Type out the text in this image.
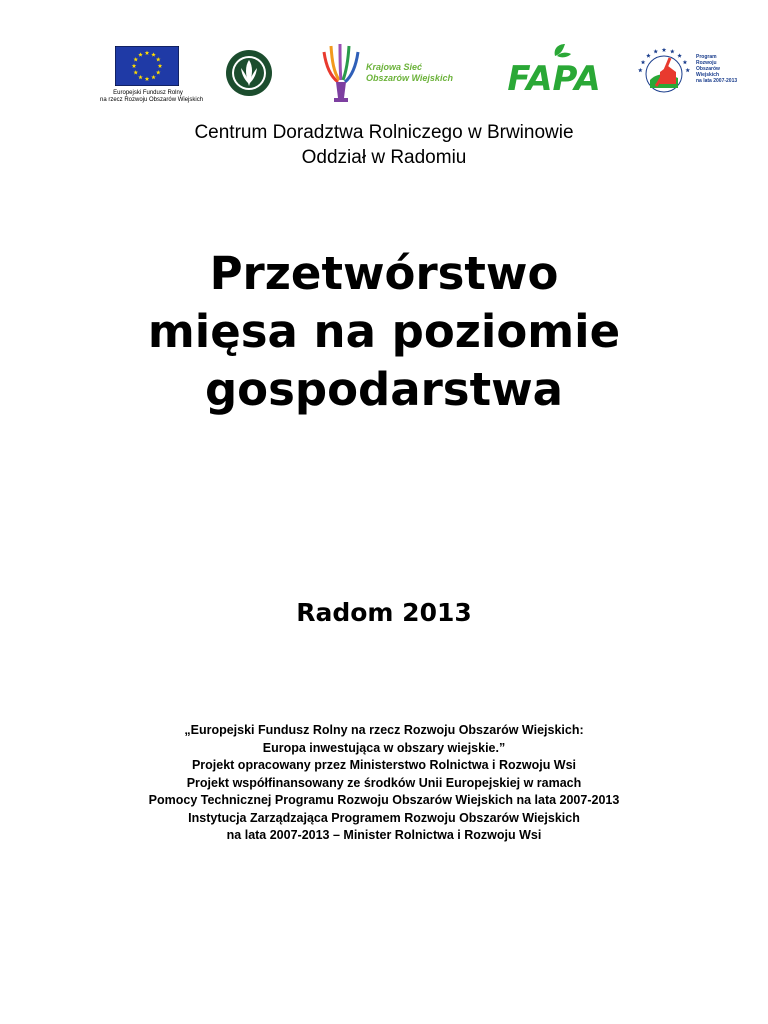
Europejski Fundusz Rolny
na rzecz Rozwoju Obszarów Wiejskich
Krajowa Sieć
Obszarów Wiejskich FAPA
Program
Rozwoju
Obszarów
Wiejskich
na lata 2007-2013
Centrum Doradztwa Rolniczego w Brwinowie
Oddział w Radomiu
Przetwórstwo
mięsa na poziomie
gospodarstwa
Radom 2013
„Europejski Fundusz Rolny na rzecz Rozwoju Obszarów Wiejskich:
Europa inwestująca w obszary wiejskie.”
Projekt opracowany przez Ministerstwo Rolnictwa i Rozwoju Wsi
Projekt współfinansowany ze środków Unii Europejskiej w ramach
Pomocy Technicznej Programu Rozwoju Obszarów Wiejskich na lata 2007-2013
Instytucja Zarządzająca Programem Rozwoju Obszarów Wiejskich
na lata 2007-2013 – Minister Rolnictwa i Rozwoju Wsi
